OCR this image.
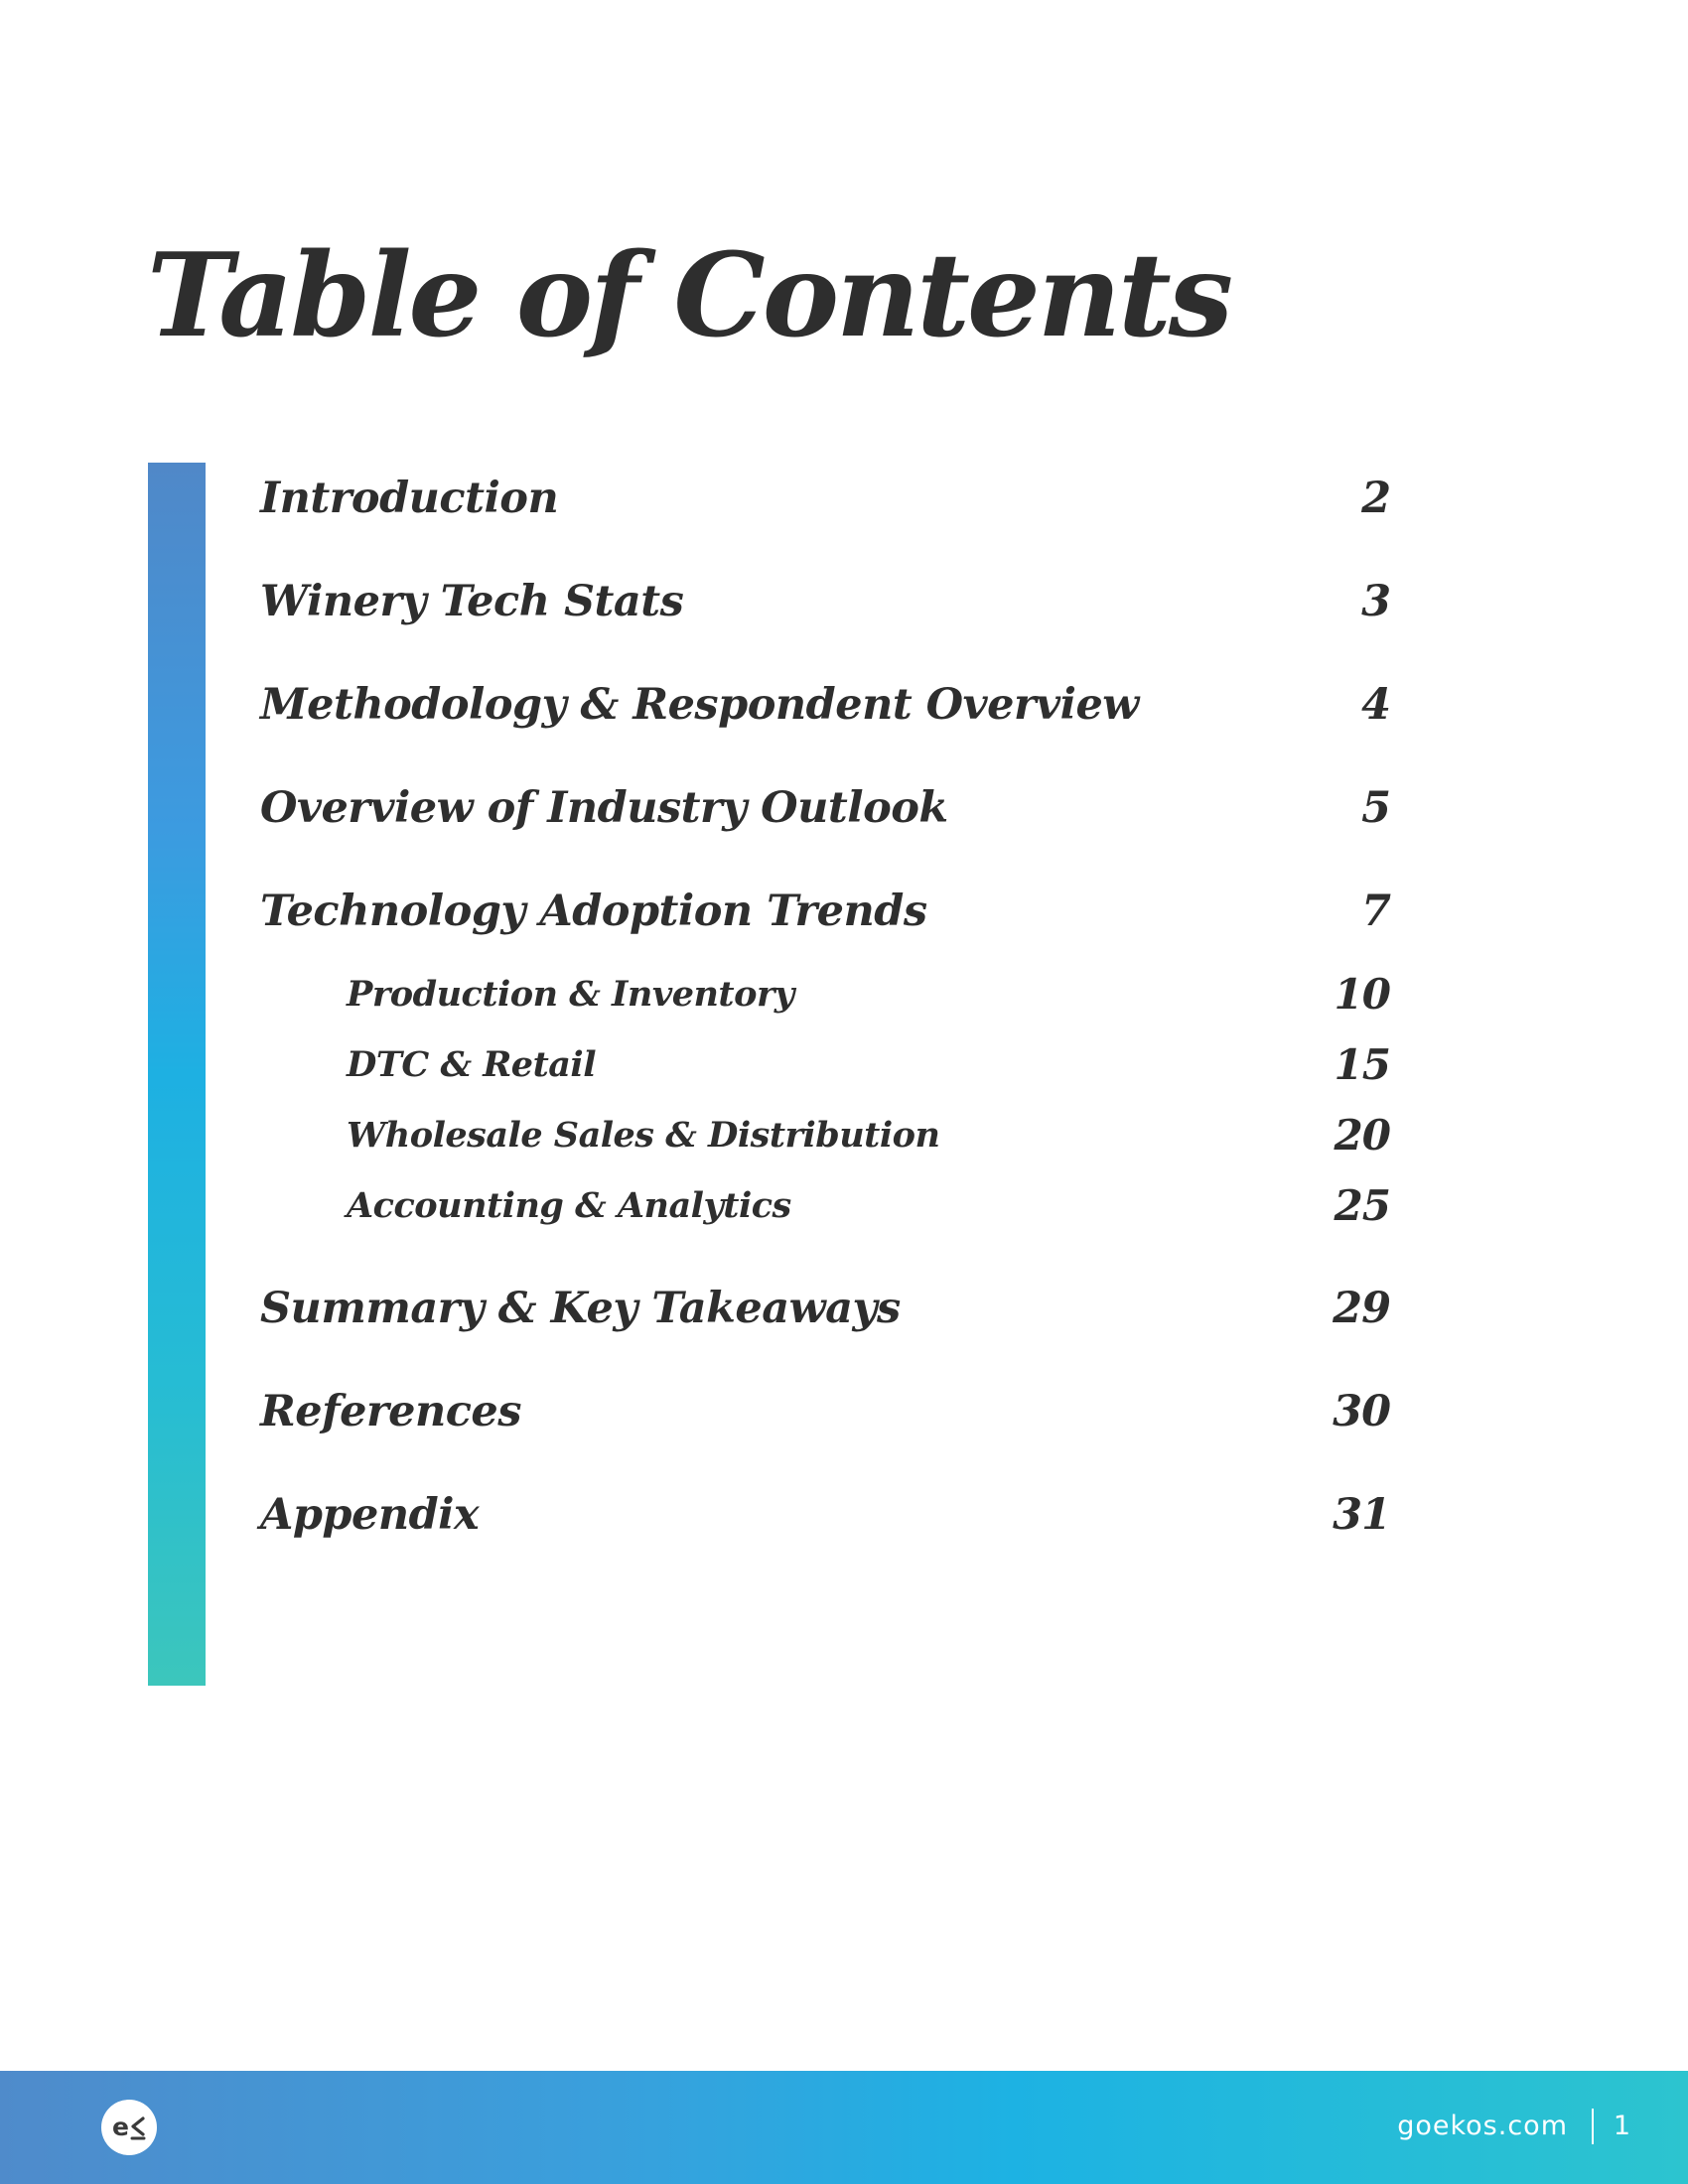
Table of Contents
Introduction	2
Winery Tech Stats	3
Methodology & Respondent Overview	4
Overview of Industry Outlook	5
Technology Adoption Trends	7
Production & Inventory	10
DTC & Retail	15
Wholesale Sales & Distribution	20
Accounting & Analytics	25
Summary & Key Takeaways	29
References	30
Appendix	31
e	goekos.com 1
